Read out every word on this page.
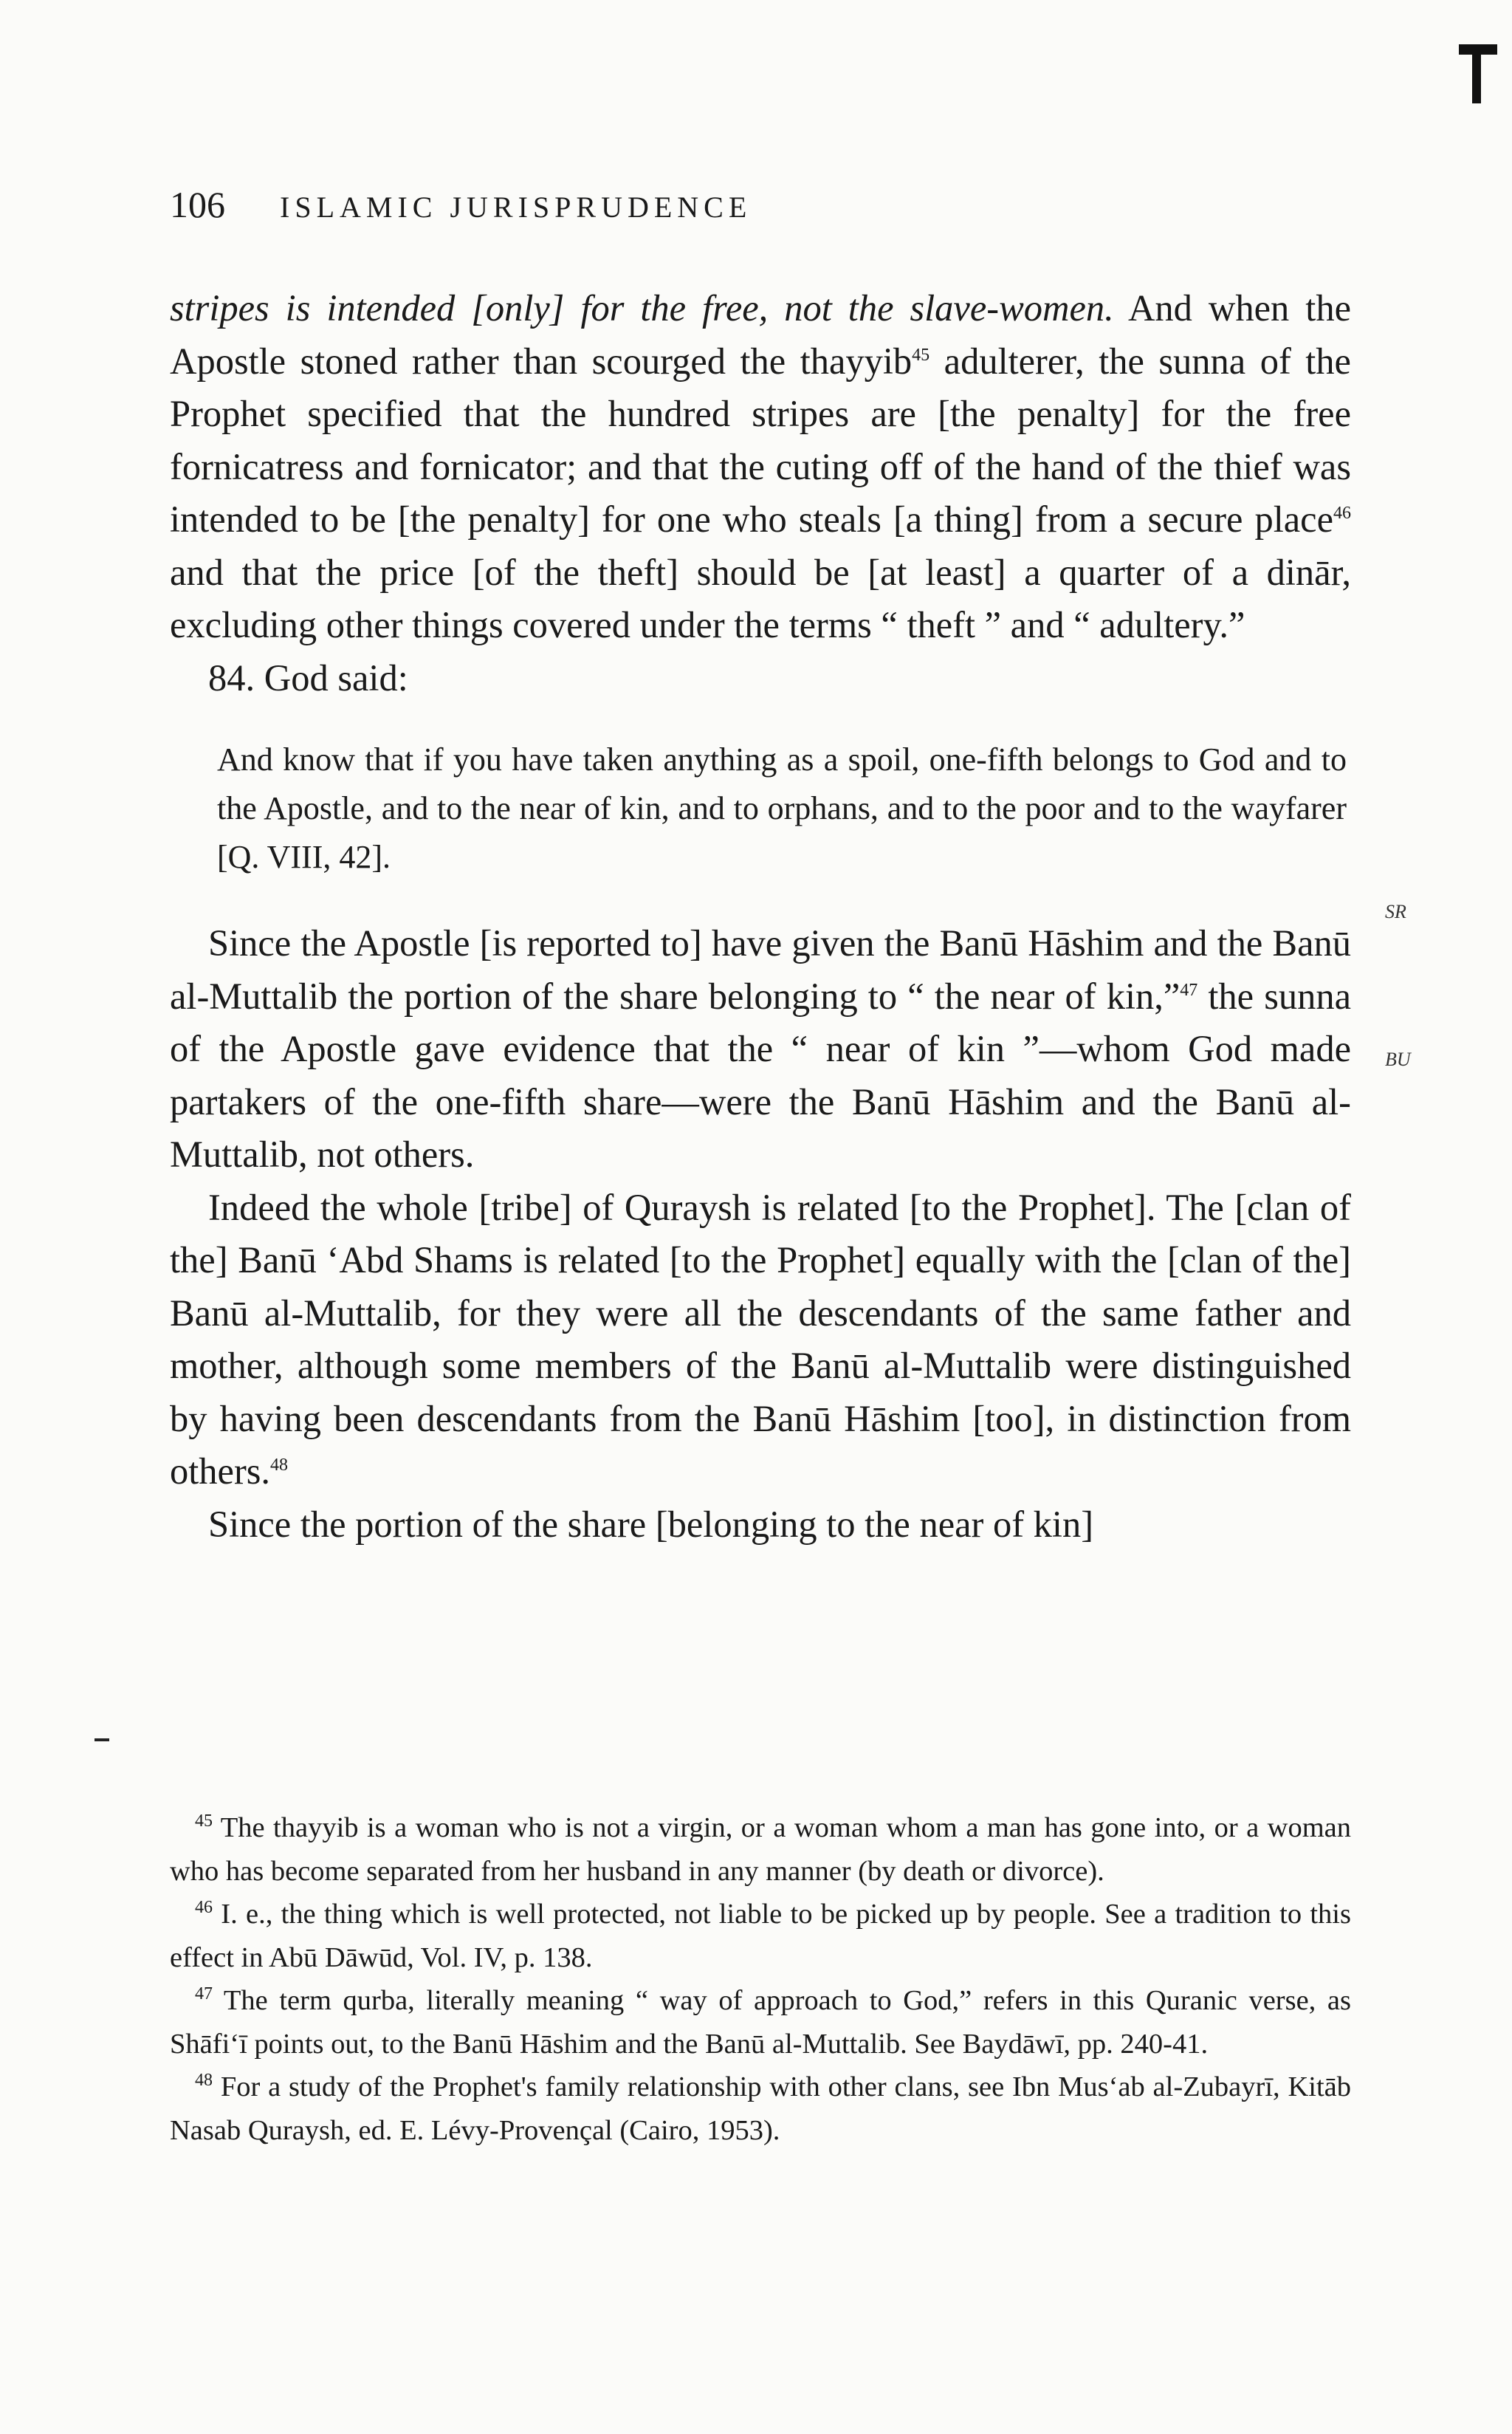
106 ISLAMIC JURISPRUDENCE

stripes is intended [only] for the free, not the slave-women. And when the Apostle stoned rather than scourged the thayyib$^{45}$ adulterer, the sunna of the Prophet specified that the hundred stripes are [the penalty] for the free fornicatress and fornicator; and that the cuting off of the hand of the thief was intended to be [the penalty] for one who steals [a thing] from a secure place$^{46}$ and that the price [of the theft] should be [at least] a quarter of a dinār, excluding other things covered under the terms “ theft ” and “ adultery.”

84. God said:

And know that if you have taken anything as a spoil, one-fifth belongs to God and to the Apostle, and to the near of kin, and to orphans, and to the poor and to the wayfarer [Q. VIII, 42].

Since the Apostle [is reported to] have given the Banū Hāshim and the Banū al-Muttalib the portion of the share belonging to “ the near of kin,”$^{47}$ the sunna of the Apostle gave evidence that the “ near of kin ”—whom God made partakers of the one-fifth share—were the Banū Hāshim and the Banū al-Muttalib, not others.

Indeed the whole [tribe] of Quraysh is related [to the Prophet]. The [clan of the] Banū ‘Abd Shams is related [to the Prophet] equally with the [clan of the] Banū al-Muttalib, for they were all the descendants of the same father and mother, although some members of the Banū al-Muttalib were distinguished by having been descendants from the Banū Hāshim [too], in distinction from others.$^{48}$

Since the portion of the share [belonging to the near of kin]

SR
BU

$^{45}$ The thayyib is a woman who is not a virgin, or a woman whom a man has gone into, or a woman who has become separated from her husband in any manner (by death or divorce).

$^{46}$ I. e., the thing which is well protected, not liable to be picked up by people. See a tradition to this effect in Abū Dāwūd, Vol. IV, p. 138.

$^{47}$ The term qurba, literally meaning “ way of approach to God,” refers in this Quranic verse, as Shāfi‘ī points out, to the Banū Hāshim and the Banū al-Muttalib. See Baydāwī, pp. 240-41.

$^{48}$ For a study of the Prophet's family relationship with other clans, see Ibn Mus‘ab al-Zubayrī, Kitāb Nasab Quraysh, ed. E. Lévy-Provençal (Cairo, 1953).
